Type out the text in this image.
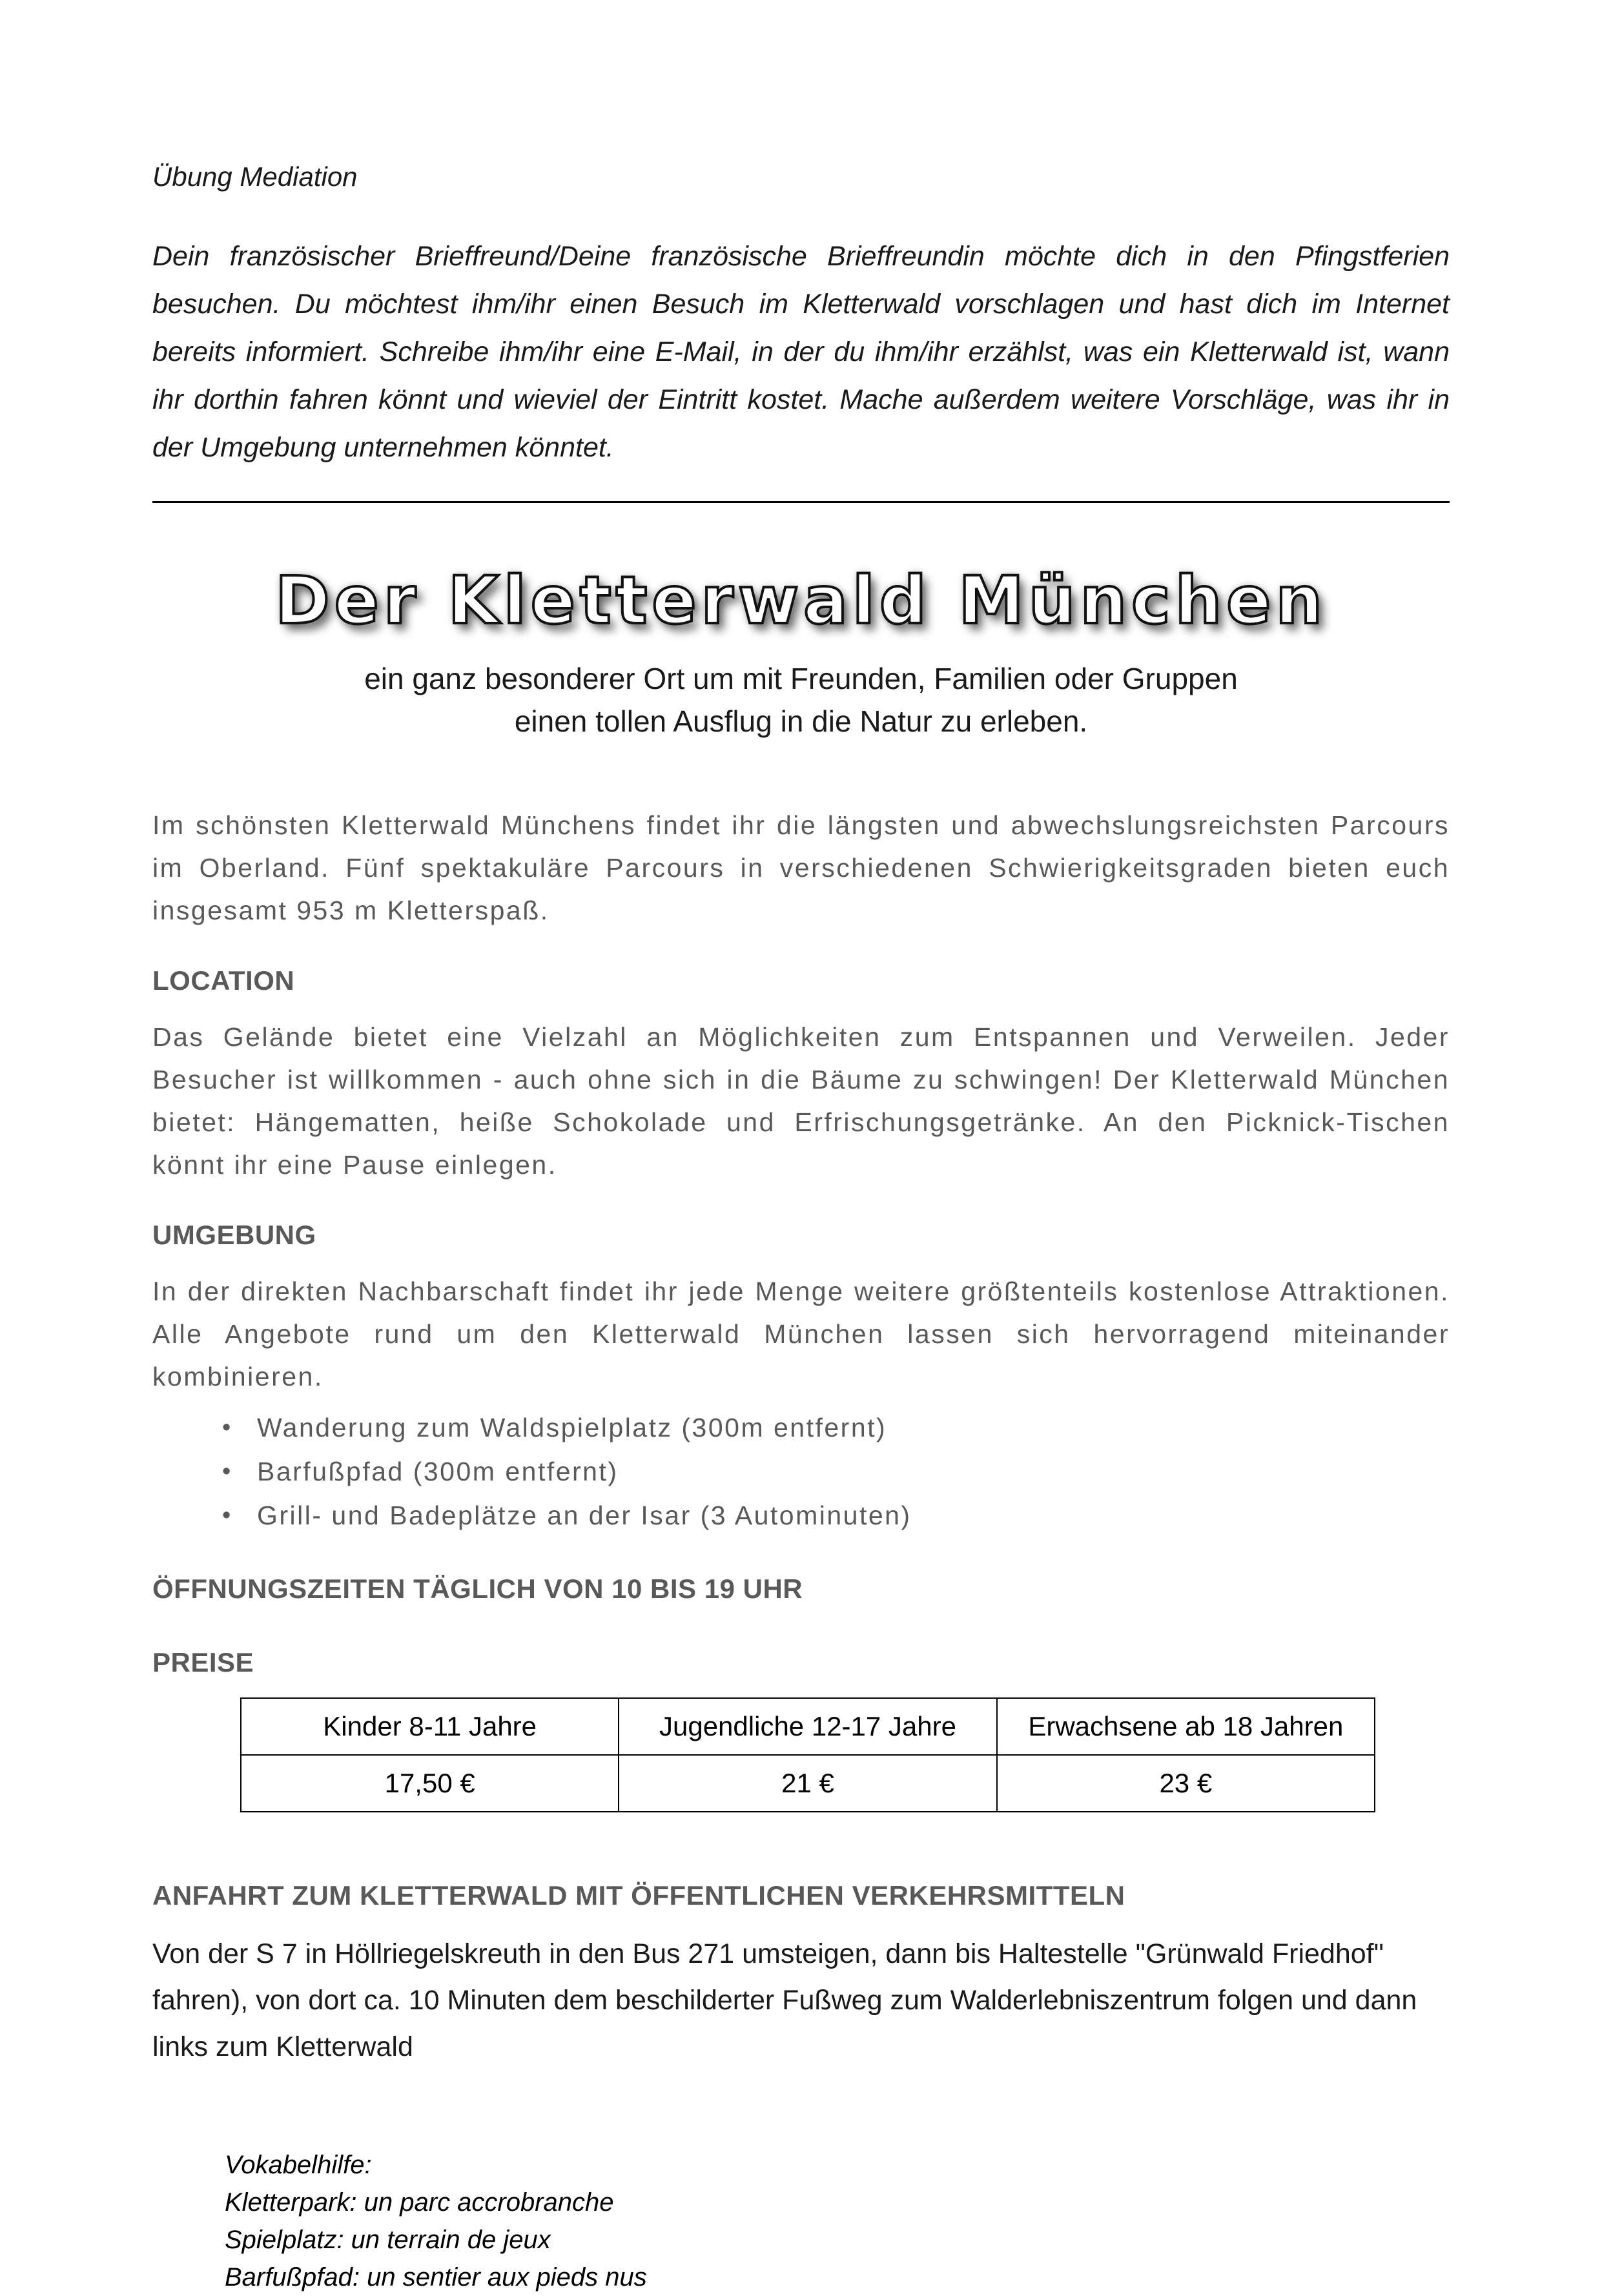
Übung Mediation
Dein französischer Brieffreund/Deine französische Brieffreundin möchte dich in den Pfingstferien besuchen. Du möchtest ihm/ihr einen Besuch im Kletterwald vorschlagen und hast dich im Internet bereits informiert. Schreibe ihm/ihr eine E-Mail, in der du ihm/ihr erzählst, was ein Kletterwald ist, wann ihr dorthin fahren könnt und wieviel der Eintritt kostet. Mache außerdem weitere Vorschläge, was ihr in der Umgebung unternehmen könntet.
Der Kletterwald München
ein ganz besonderer Ort um mit Freunden, Familien oder Gruppen
einen tollen Ausflug in die Natur zu erleben.
Im schönsten Kletterwald Münchens findet ihr die längsten und abwechslungsreichsten Parcours im Oberland. Fünf spektakuläre Parcours in verschiedenen Schwierigkeitsgraden bieten euch insgesamt 953 m Kletterspaß.
LOCATION
Das Gelände bietet eine Vielzahl an Möglichkeiten zum Entspannen und Verweilen. Jeder Besucher ist willkommen - auch ohne sich in die Bäume zu schwingen! Der Kletterwald München bietet: Hängematten, heiße Schokolade und Erfrischungsgetränke. An den Picknick-Tischen könnt ihr eine Pause einlegen.
UMGEBUNG
In der direkten Nachbarschaft findet ihr jede Menge weitere größtenteils kostenlose Attraktionen. Alle Angebote rund um den Kletterwald München lassen sich hervorragend miteinander kombinieren.
• Wanderung zum Waldspielplatz (300m entfernt)
• Barfußpfad (300m entfernt)
• Grill- und Badeplätze an der Isar (3 Autominuten)
ÖFFNUNGSZEITEN TÄGLICH VON 10 BIS 19 UHR
PREISE
Kinder 8-11 Jahre	Jugendliche 12-17 Jahre	Erwachsene ab 18 Jahren
17,50 €	21 €	23 €
ANFAHRT ZUM KLETTERWALD MIT ÖFFENTLICHEN VERKEHRSMITTELN
Von der S 7 in Höllriegelskreuth in den Bus 271 umsteigen, dann bis Haltestelle "Grünwald Friedhof" fahren), von dort ca. 10 Minuten dem beschilderter Fußweg zum Walderlebniszentrum folgen und dann links zum Kletterwald
Vokabelhilfe:
Kletterpark: un parc accrobranche
Spielplatz: un terrain de jeux
Barfußpfad: un sentier aux pieds nus
